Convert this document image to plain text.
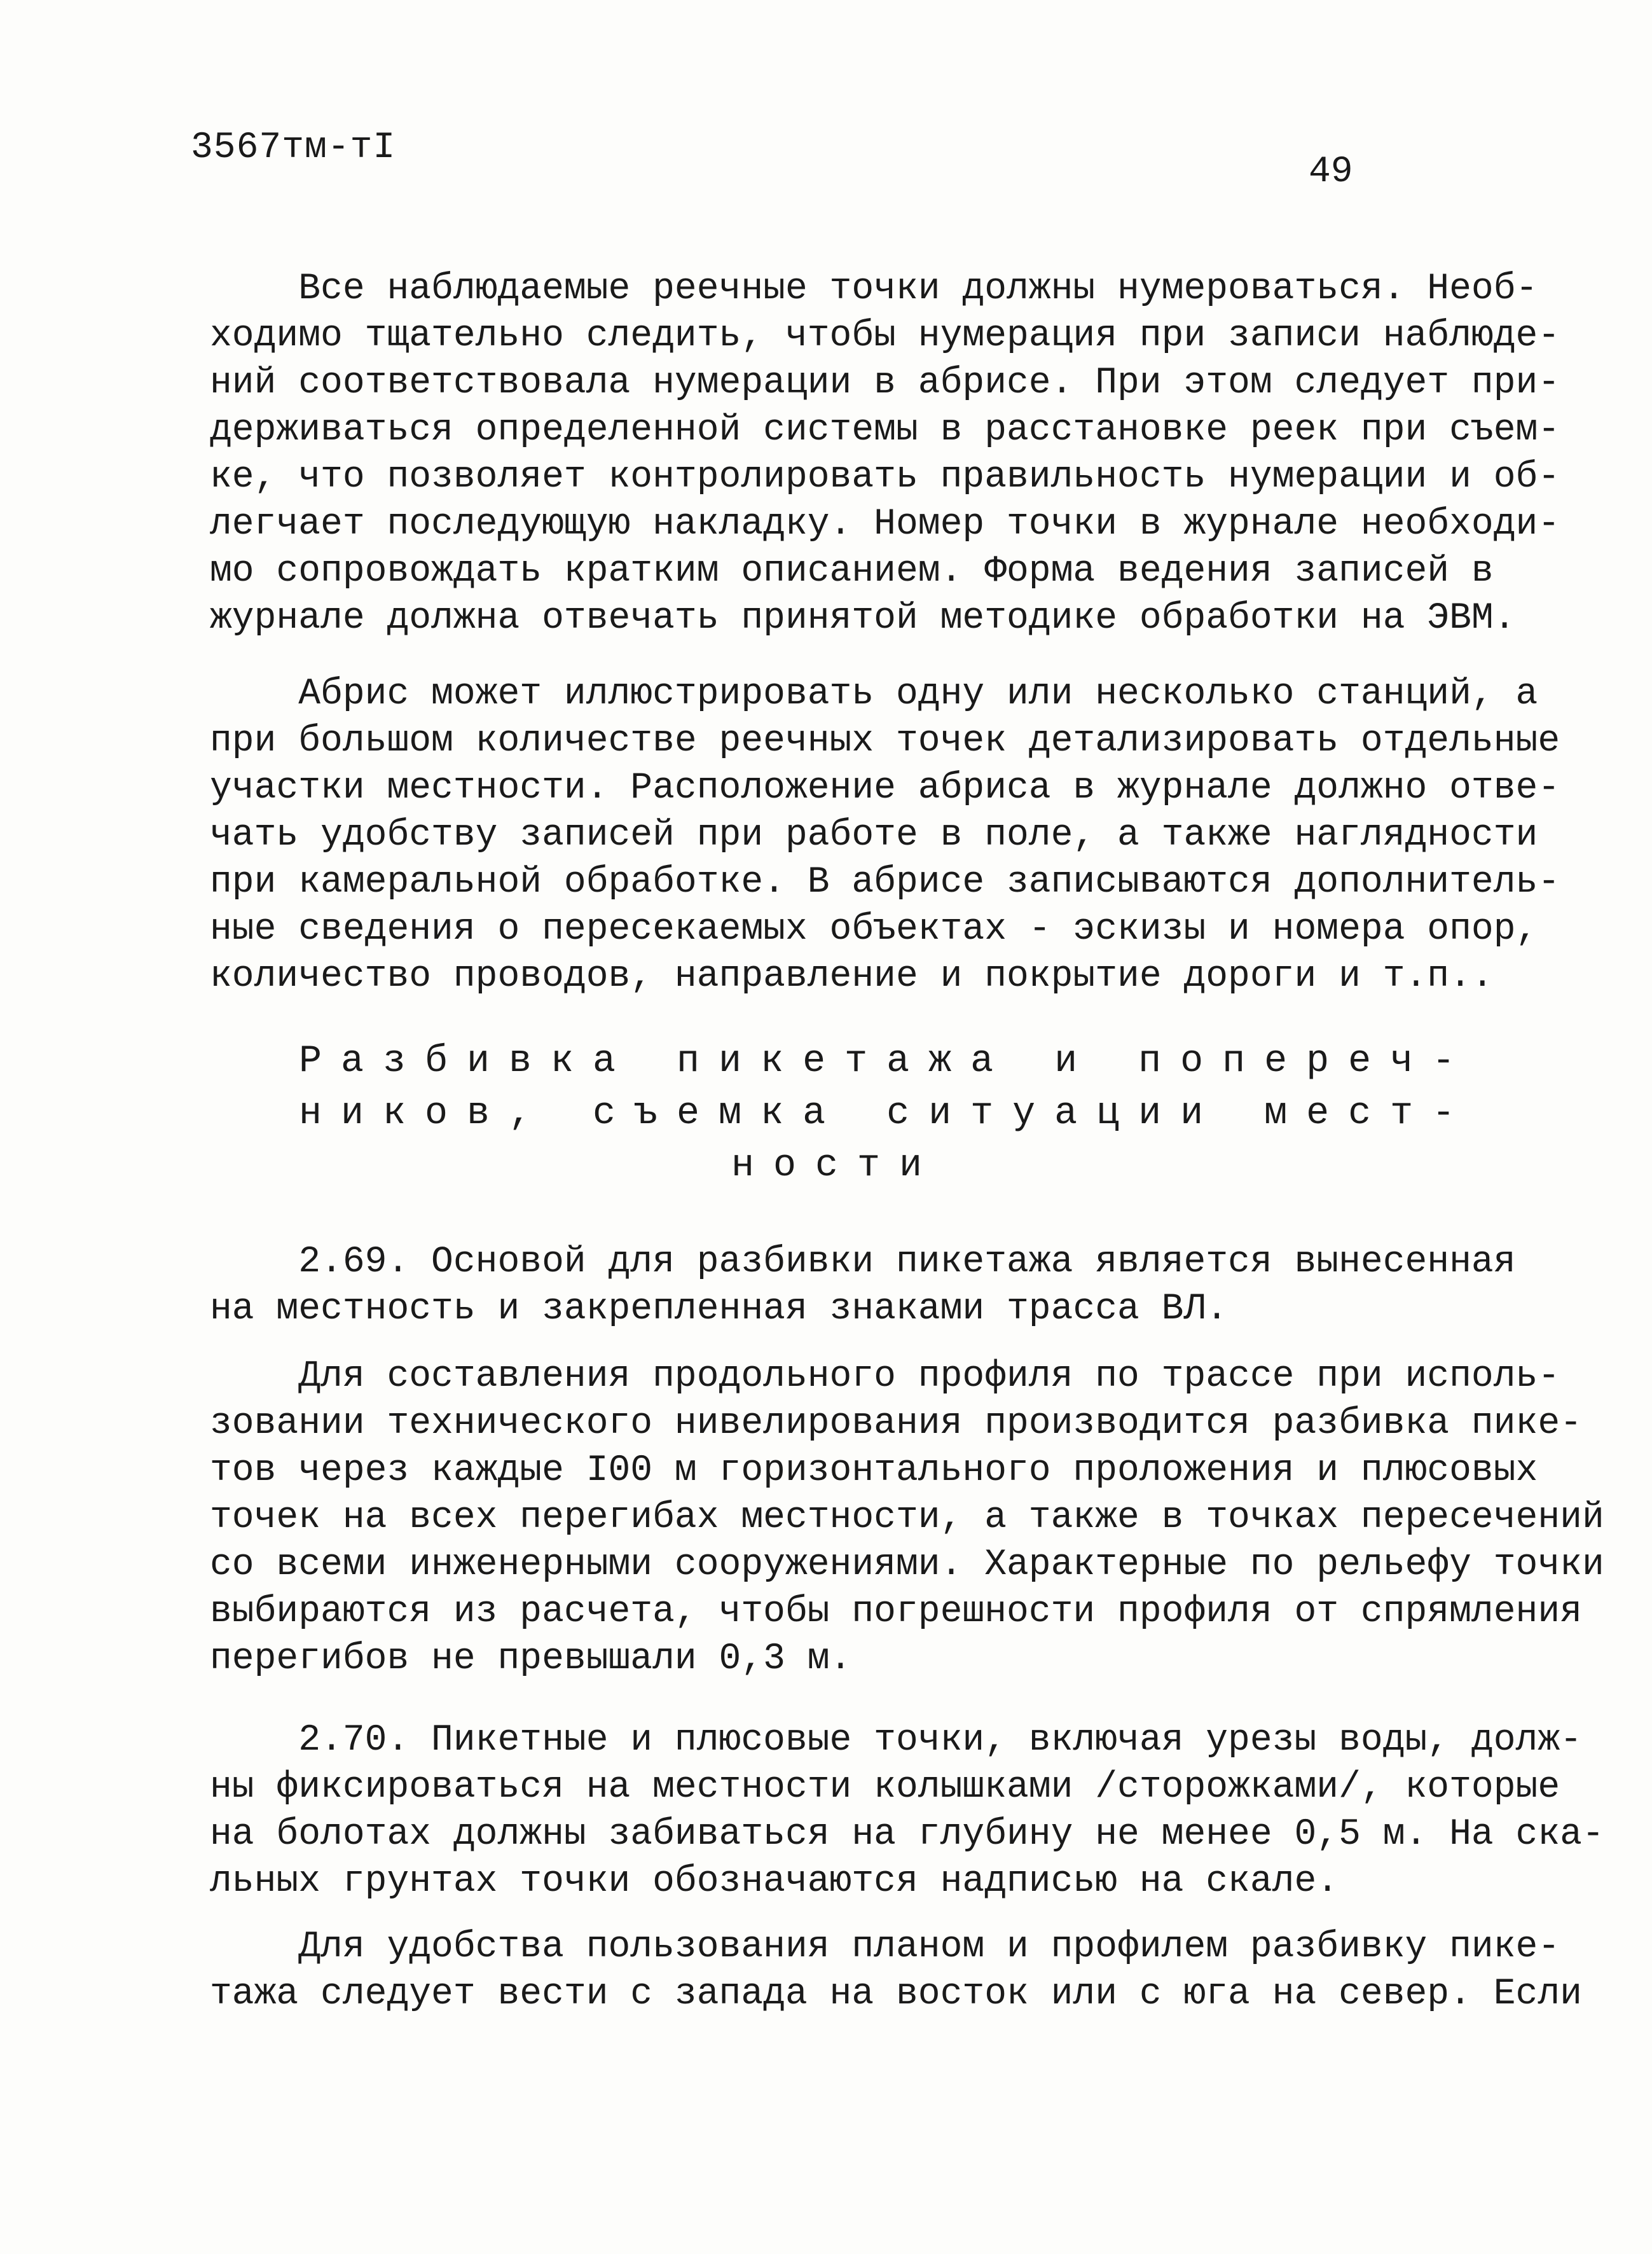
3567тм-тI
49
Все наблюдаемые реечные точки должны нумероваться. Необ-
ходимо тщательно следить, чтобы нумерация при записи наблюде-
ний соответствовала нумерации в абрисе. При этом следует при-
держиваться определенной системы в расстановке реек при съем-
ке, что позволяет контролировать правильность нумерации и об-
легчает последующую накладку. Номер точки в журнале необходи-
мо сопровождать кратким описанием. Форма ведения записей в
журнале должна отвечать принятой методике обработки на ЭВМ.
Абрис может иллюстрировать одну или несколько станций, а
при большом количестве реечных точек детализировать отдельные
участки местности. Расположение абриса в журнале должно отве-
чать удобству записей при работе в поле, а также наглядности
при камеральной обработке. В абрисе записываются дополнитель-
ные сведения о пересекаемых объектах - эскизы и номера опор,
количество проводов, направление и покрытие дороги и т.п..
Разбивка пикетажа и попереч-
ников, съемка ситуации мест-
ности
2.69. Основой для разбивки пикетажа является вынесенная
на местность и закрепленная знаками трасса ВЛ.
Для составления продольного профиля по трассе при исполь-
зовании технического нивелирования производится разбивка пике-
тов через каждые I00 м горизонтального проложения и плюсовых
точек на всех перегибах местности, а также в точках пересечений
со всеми инженерными сооружениями. Характерные по рельефу точки
выбираются из расчета, чтобы погрешности профиля от спрямления
перегибов не превышали 0,3 м.
2.70. Пикетные и плюсовые точки, включая урезы воды, долж-
ны фиксироваться на местности колышками /сторожками/, которые
на болотах должны забиваться на глубину не менее 0,5 м. На ска-
льных грунтах точки обозначаются надписью на скале.
Для удобства пользования планом и профилем разбивку пике-
тажа следует вести с запада на восток или с юга на север. Если
